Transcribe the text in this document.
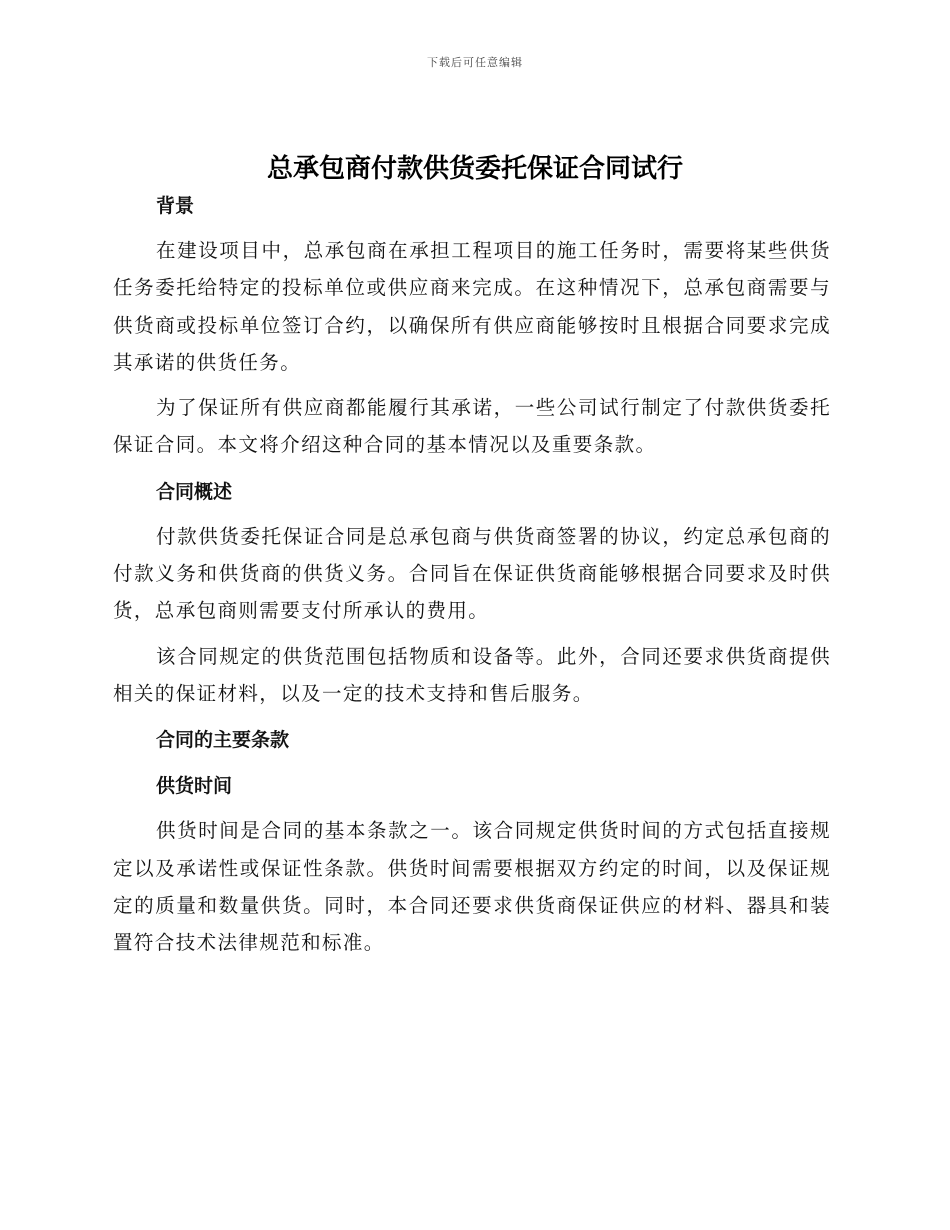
下载后可任意编辑
总承包商付款供货委托保证合同试行

背景

在建设项目中，总承包商在承担工程项目的施工任务时，需要将某些供货任务委托给特定的投标单位或供应商来完成。在这种情况下，总承包商需要与供货商或投标单位签订合约，以确保所有供应商能够按时且根据合同要求完成其承诺的供货任务。

为了保证所有供应商都能履行其承诺，一些公司试行制定了付款供货委托保证合同。本文将介绍这种合同的基本情况以及重要条款。

合同概述

付款供货委托保证合同是总承包商与供货商签署的协议，约定总承包商的付款义务和供货商的供货义务。合同旨在保证供货商能够根据合同要求及时供货，总承包商则需要支付所承认的费用。

该合同规定的供货范围包括物质和设备等。此外，合同还要求供货商提供相关的保证材料，以及一定的技术支持和售后服务。

合同的主要条款

供货时间

供货时间是合同的基本条款之一。该合同规定供货时间的方式包括直接规定以及承诺性或保证性条款。供货时间需要根据双方约定的时间，以及保证规定的质量和数量供货。同时，本合同还要求供货商保证供应的材料、器具和装置符合技术法律规范和标准。
